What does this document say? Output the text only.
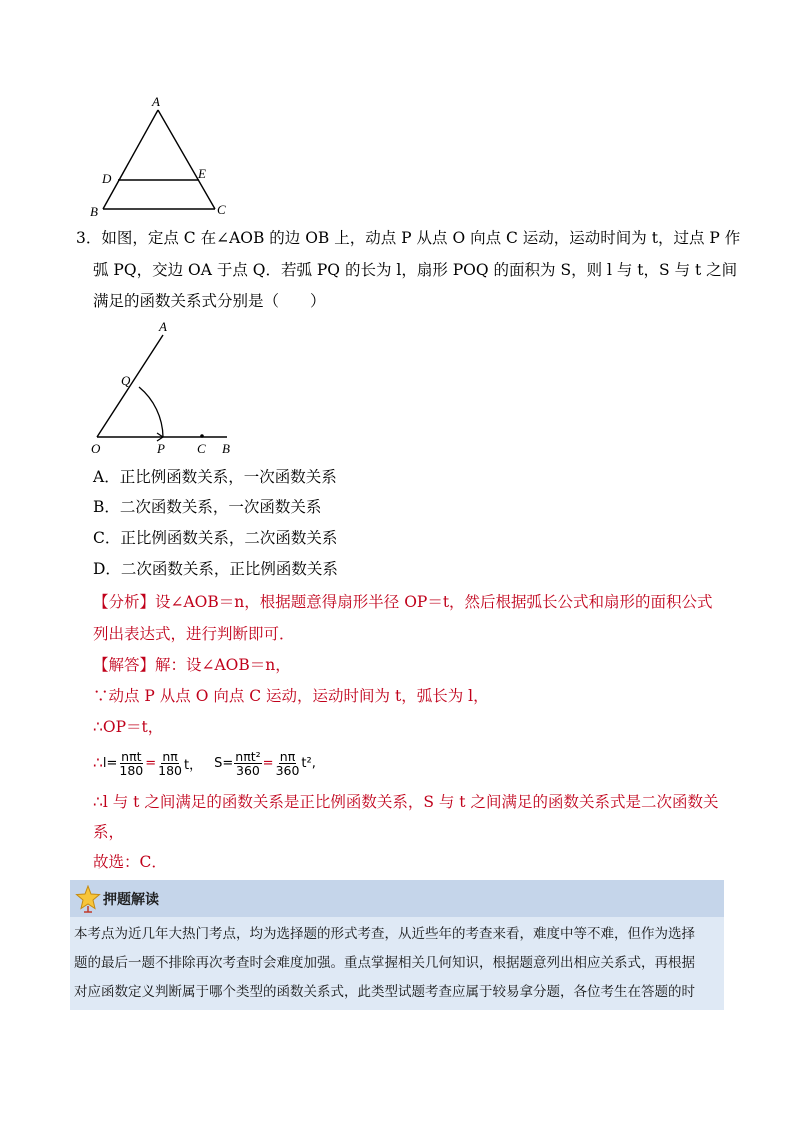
A
D	E
B	C
3．如图，定点 C 在∠AOB 的边 OB 上，动点 P 从点 O 向点 C 运动，运动时间为 t，过点 P 作
弧 PQ，交边 OA 于点 Q．若弧 PQ 的长为 l，扇形 POQ 的面积为 S，则 l 与 t，S 与 t 之间
满足的函数关系式分别是（　　）
A
Q
O	P C B
A．正比例函数关系，一次函数关系
B．二次函数关系，一次函数关系
C．正比例函数关系，二次函数关系
D．二次函数关系，正比例函数关系
【分析】设∠AOB＝n，根据题意得扇形半径 OP＝t，然后根据弧长公式和扇形的面积公式
列出表达式，进行判断即可．
【解答】解：设∠AOB＝n，
∵动点 P 从点 O 向点 C 运动，运动时间为 t，弧长为 l，
∴OP＝t，
∴ $l= \frac{\text{nπt}}{180} = \frac{n\pi}{180}$ t， $S= \frac{\text{nπt²}}{360} = \frac{n\pi}{360} t^2$,
∴l 与 t 之间满足的函数关系是正比例函数关系，S 与 t 之间满足的函数关系式是二次函数关
系，
故选：C．
押题解读
本考点为近几年大热门考点，均为选择题的形式考查，从近些年的考查来看，难度中等不难，但作为选择
题的最后一题不排除再次考查时会难度加强。重点掌握相关几何知识，根据题意列出相应关系式，再根据
对应函数定义判断属于哪个类型的函数关系式，此类型试题考查应属于较易拿分题，各位考生在答题的时
